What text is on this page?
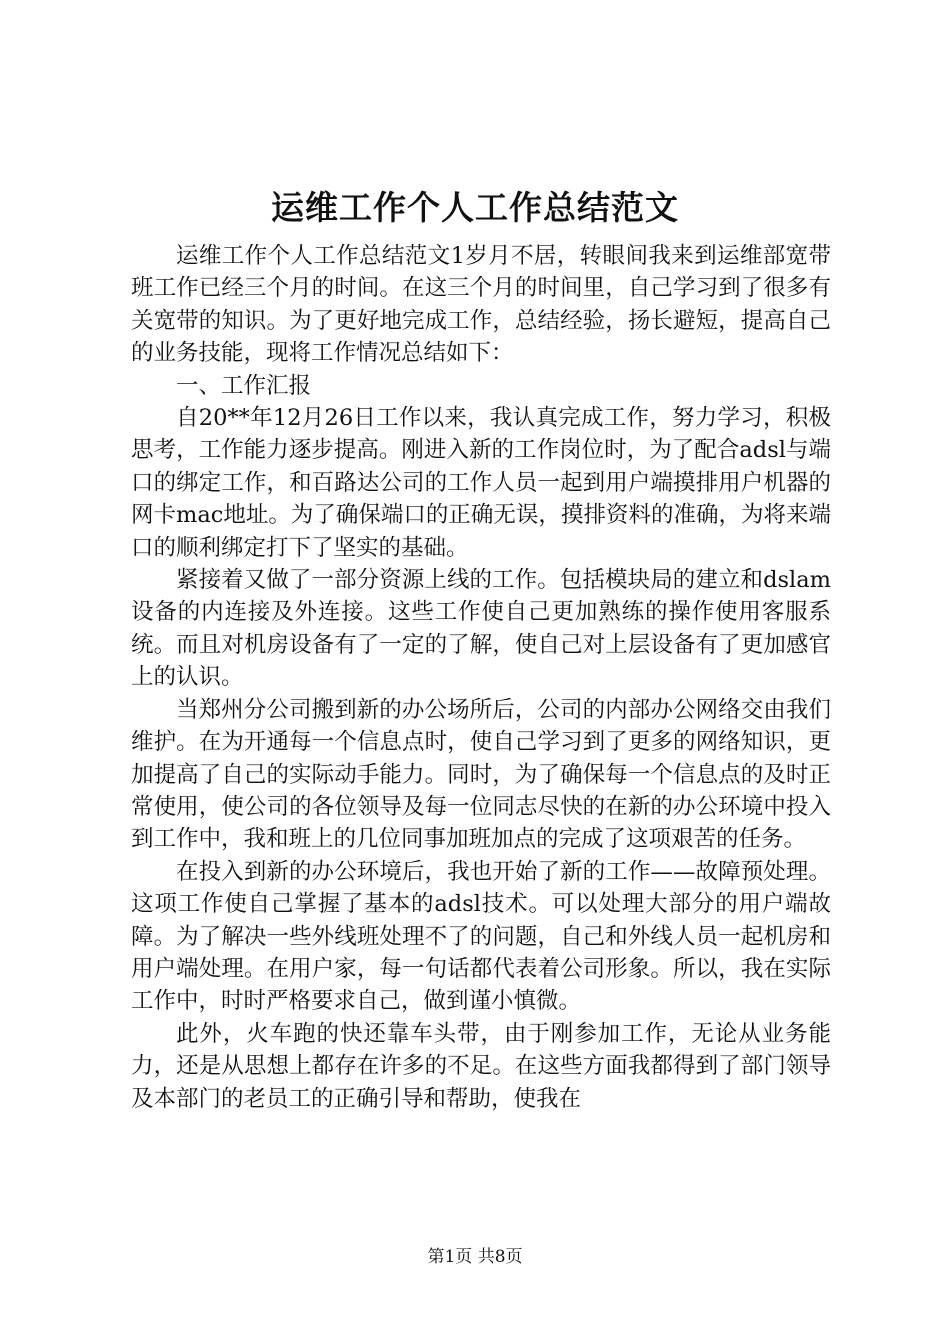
运维工作个人工作总结范文

运维工作个人工作总结范文1岁月不居，转眼间我来到运维部宽带班工作已经三个月的时间。在这三个月的时间里，自己学习到了很多有关宽带的知识。为了更好地完成工作，总结经验，扬长避短，提高自己的业务技能，现将工作情况总结如下：

一、工作汇报

自20**年12月26日工作以来，我认真完成工作，努力学习，积极思考，工作能力逐步提高。刚进入新的工作岗位时，为了配合adsl与端口的绑定工作，和百路达公司的工作人员一起到用户端摸排用户机器的网卡mac地址。为了确保端口的正确无误，摸排资料的准确，为将来端口的顺利绑定打下了坚实的基础。

紧接着又做了一部分资源上线的工作。包括模块局的建立和dslam设备的内连接及外连接。这些工作使自己更加熟练的操作使用客服系统。而且对机房设备有了一定的了解，使自己对上层设备有了更加感官上的认识。

当郑州分公司搬到新的办公场所后，公司的内部办公网络交由我们维护。在为开通每一个信息点时，使自己学习到了更多的网络知识，更加提高了自己的实际动手能力。同时，为了确保每一个信息点的及时正常使用，使公司的各位领导及每一位同志尽快的在新的办公环境中投入到工作中，我和班上的几位同事加班加点的完成了这项艰苦的任务。

在投入到新的办公环境后，我也开始了新的工作——故障预处理。这项工作使自己掌握了基本的adsl技术。可以处理大部分的用户端故障。为了解决一些外线班处理不了的问题，自己和外线人员一起机房和用户端处理。在用户家，每一句话都代表着公司形象。所以，我在实际工作中，时时严格要求自己，做到谨小慎微。

此外，火车跑的快还靠车头带，由于刚参加工作，无论从业务能力，还是从思想上都存在许多的不足。在这些方面我都得到了部门领导及本部门的老员工的正确引导和帮助，使我在

第1页 共8页
